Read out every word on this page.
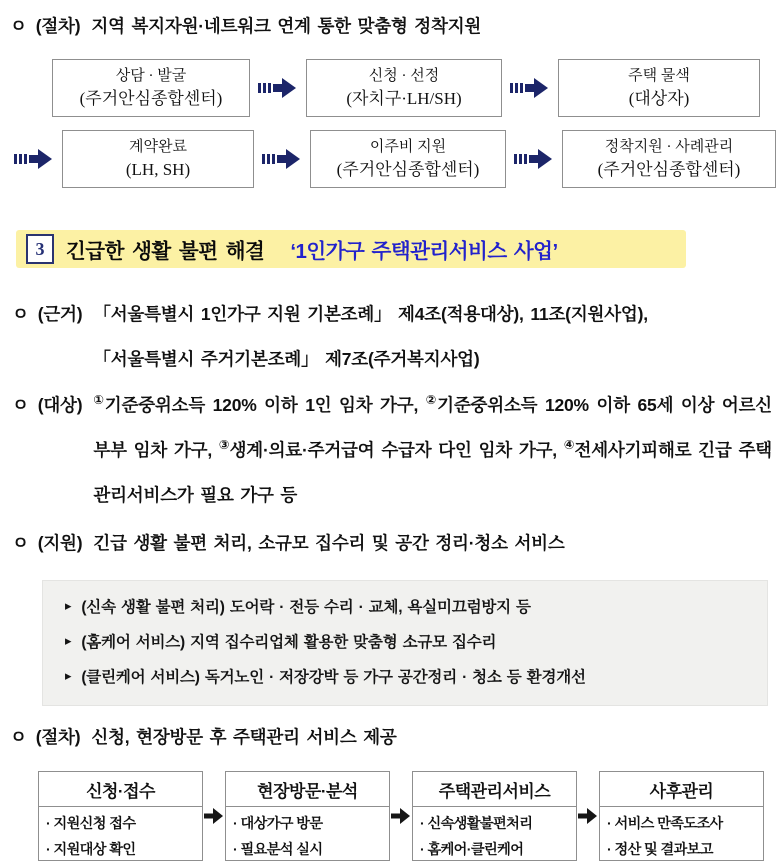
ㅇ (절차) 지역 복지자원·네트워크 연계 통한 맞춤형 정착지원
상담 · 발굴
(주거안심종합센터)
신청 · 선정
(자치구·LH/SH)
주택 물색
(대상자)
계약완료
(LH, SH)
이주비 지원
(주거안심종합센터)
정착지원 · 사례관리
(주거안심종합센터)
3	긴급한 생활 불편 해결 ‘1인가구 주택관리서비스 사업’
ㅇ (근거) 「서울특별시 1인가구 지원 기본조례」 제4조(적용대상), 11조(지원사업),
「서울특별시 주거기본조례」 제7조(주거복지사업)
ㅇ (대상) ①기준중위소득 120% 이하 1인 임차 가구, ②기준중위소득 120% 이하 65세 이상 어르신 부부 임차 가구, ③생계·의료·주거급여 수급자 다인 임차 가구, ④전세사기피해로 긴급 주택관리서비스가 필요 가구 등
ㅇ (지원) 긴급 생활 불편 처리, 소규모 집수리 및 공간 정리·청소 서비스
▸ (신속 생활 불편 처리) 도어락 · 전등 수리 · 교체, 욕실미끄럼방지 등
▸ (홈케어 서비스) 지역 집수리업체 활용한 맞춤형 소규모 집수리
▸ (클린케어 서비스) 독거노인 · 저장강박 등 가구 공간정리 · 청소 등 환경개선
ㅇ (절차) 신청, 현장방문 후 주택관리 서비스 제공
신청·접수
· 지원신청 접수
· 지원대상 확인
현장방문·분석
· 대상가구 방문
· 필요분석 실시
주택관리서비스
· 신속생활불편처리
· 홈케어·클린케어
사후관리
· 서비스 만족도조사
· 정산 및 결과보고
